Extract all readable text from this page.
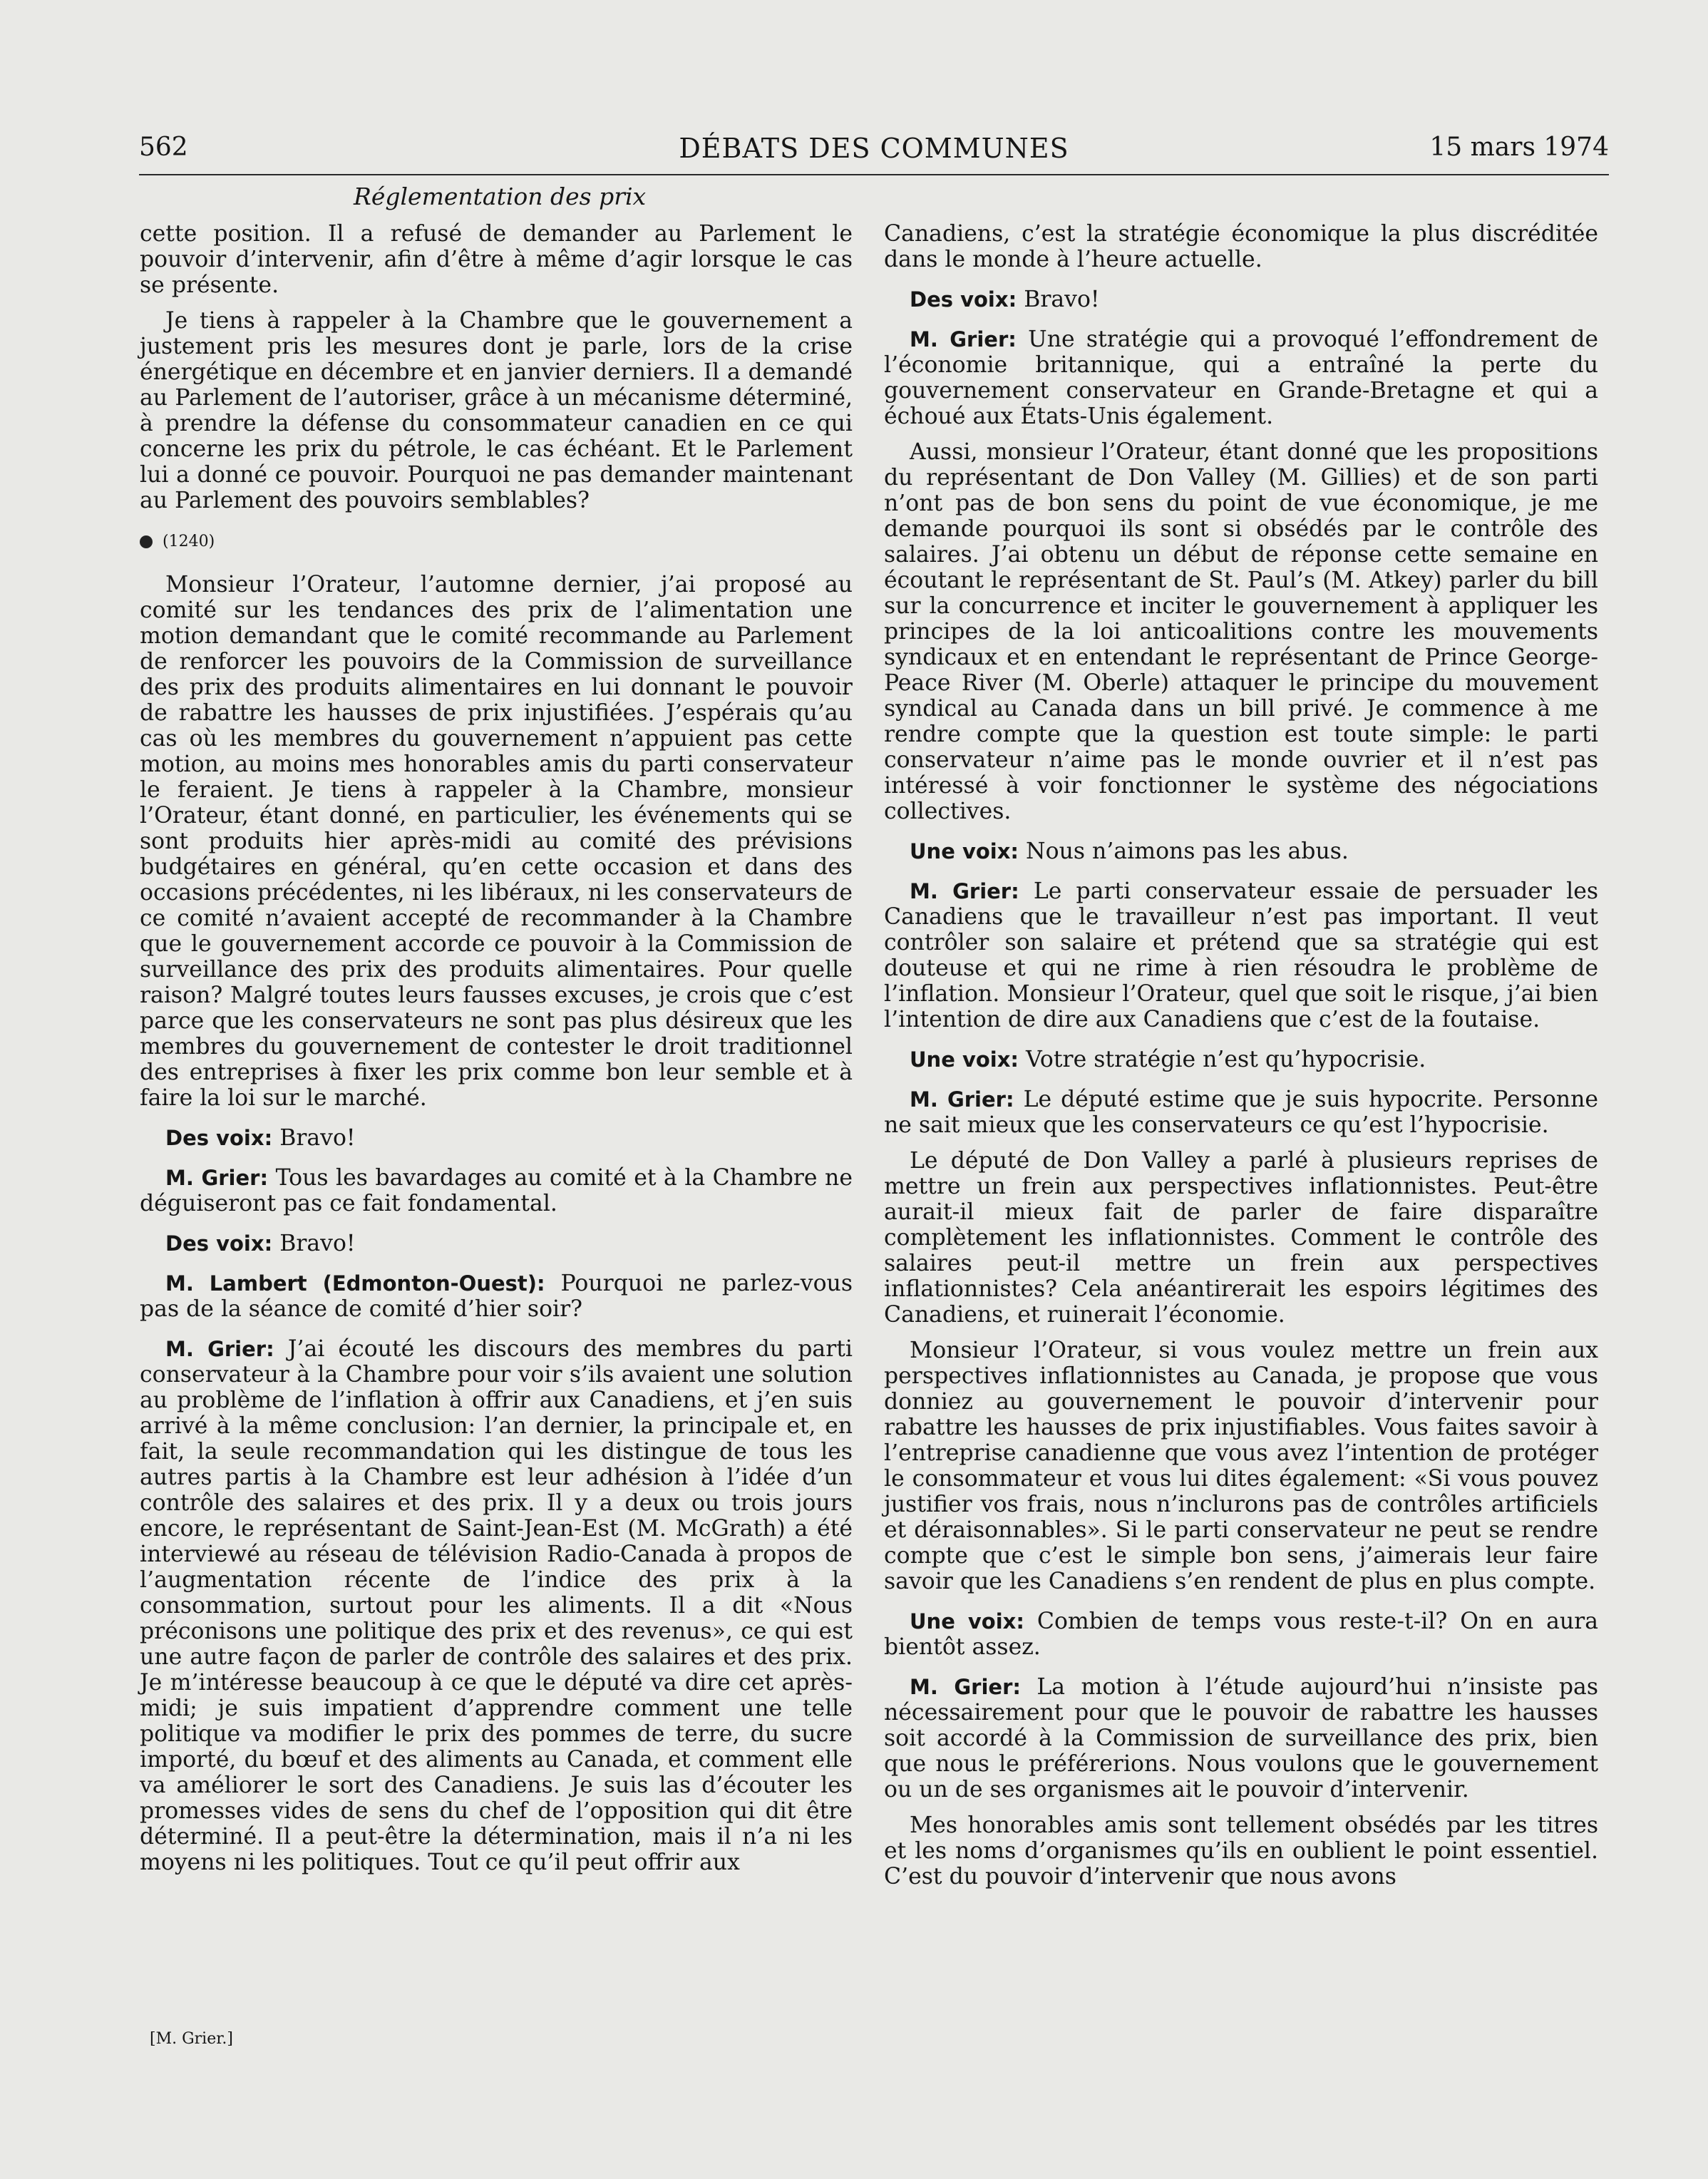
562	DÉBATS DES COMMUNES	15 mars 1974
Réglementation des prix

cette position. Il a refusé de demander au Parlement le pouvoir d’intervenir, afin d’être à même d’agir lorsque le cas se présente.

Je tiens à rappeler à la Chambre que le gouvernement a justement pris les mesures dont je parle, lors de la crise énergétique en décembre et en janvier derniers. Il a demandé au Parlement de l’autoriser, grâce à un mécanisme déterminé, à prendre la défense du consommateur canadien en ce qui concerne les prix du pétrole, le cas échéant. Et le Parlement lui a donné ce pouvoir. Pourquoi ne pas demander maintenant au Parlement des pouvoirs semblables?

(1240)

Monsieur l’Orateur, l’automne dernier, j’ai proposé au comité sur les tendances des prix de l’alimentation une motion demandant que le comité recommande au Parlement de renforcer les pouvoirs de la Commission de surveillance des prix des produits alimentaires en lui donnant le pouvoir de rabattre les hausses de prix injustifiées. J’espérais qu’au cas où les membres du gouvernement n’appuient pas cette motion, au moins mes honorables amis du parti conservateur le feraient. Je tiens à rappeler à la Chambre, monsieur l’Orateur, étant donné, en particulier, les événements qui se sont produits hier après-midi au comité des prévisions budgétaires en général, qu’en cette occasion et dans des occasions précédentes, ni les libéraux, ni les conservateurs de ce comité n’avaient accepté de recommander à la Chambre que le gouvernement accorde ce pouvoir à la Commission de surveillance des prix des produits alimentaires. Pour quelle raison? Malgré toutes leurs fausses excuses, je crois que c’est parce que les conservateurs ne sont pas plus désireux que les membres du gouvernement de contester le droit traditionnel des entreprises à fixer les prix comme bon leur semble et à faire la loi sur le marché.

Des voix: Bravo!

M. Grier: Tous les bavardages au comité et à la Chambre ne déguiseront pas ce fait fondamental.

Des voix: Bravo!

M. Lambert (Edmonton-Ouest): Pourquoi ne parlez-vous pas de la séance de comité d’hier soir?

M. Grier: J’ai écouté les discours des membres du parti conservateur à la Chambre pour voir s’ils avaient une solution au problème de l’inflation à offrir aux Canadiens, et j’en suis arrivé à la même conclusion: l’an dernier, la principale et, en fait, la seule recommandation qui les distingue de tous les autres partis à la Chambre est leur adhésion à l’idée d’un contrôle des salaires et des prix. Il y a deux ou trois jours encore, le représentant de Saint-Jean-Est (M. McGrath) a été interviewé au réseau de télévision Radio-Canada à propos de l’augmentation récente de l’indice des prix à la consommation, surtout pour les aliments. Il a dit «Nous préconisons une politique des prix et des revenus», ce qui est une autre façon de parler de contrôle des salaires et des prix. Je m’intéresse beaucoup à ce que le député va dire cet après-midi; je suis impatient d’apprendre comment une telle politique va modifier le prix des pommes de terre, du sucre importé, du bœuf et des aliments au Canada, et comment elle va améliorer le sort des Canadiens. Je suis las d’écouter les promesses vides de sens du chef de l’opposition qui dit être déterminé. Il a peut-être la détermination, mais il n’a ni les moyens ni les politiques. Tout ce qu’il peut offrir aux

Canadiens, c’est la stratégie économique la plus discréditée dans le monde à l’heure actuelle.

Des voix: Bravo!

M. Grier: Une stratégie qui a provoqué l’effondrement de l’économie britannique, qui a entraîné la perte du gouvernement conservateur en Grande-Bretagne et qui a échoué aux États-Unis également.

Aussi, monsieur l’Orateur, étant donné que les propositions du représentant de Don Valley (M. Gillies) et de son parti n’ont pas de bon sens du point de vue économique, je me demande pourquoi ils sont si obsédés par le contrôle des salaires. J’ai obtenu un début de réponse cette semaine en écoutant le représentant de St. Paul’s (M. Atkey) parler du bill sur la concurrence et inciter le gouvernement à appliquer les principes de la loi anticoalitions contre les mouvements syndicaux et en entendant le représentant de Prince George-Peace River (M. Oberle) attaquer le principe du mouvement syndical au Canada dans un bill privé. Je commence à me rendre compte que la question est toute simple: le parti conservateur n’aime pas le monde ouvrier et il n’est pas intéressé à voir fonctionner le système des négociations collectives.

Une voix: Nous n’aimons pas les abus.

M. Grier: Le parti conservateur essaie de persuader les Canadiens que le travailleur n’est pas important. Il veut contrôler son salaire et prétend que sa stratégie qui est douteuse et qui ne rime à rien résoudra le problème de l’inflation. Monsieur l’Orateur, quel que soit le risque, j’ai bien l’intention de dire aux Canadiens que c’est de la foutaise.

Une voix: Votre stratégie n’est qu’hypocrisie.

M. Grier: Le député estime que je suis hypocrite. Personne ne sait mieux que les conservateurs ce qu’est l’hypocrisie.

Le député de Don Valley a parlé à plusieurs reprises de mettre un frein aux perspectives inflationnistes. Peut-être aurait-il mieux fait de parler de faire disparaître complètement les inflationnistes. Comment le contrôle des salaires peut-il mettre un frein aux perspectives inflationnistes? Cela anéantirerait les espoirs légitimes des Canadiens, et ruinerait l’économie.

Monsieur l’Orateur, si vous voulez mettre un frein aux perspectives inflationnistes au Canada, je propose que vous donniez au gouvernement le pouvoir d’intervenir pour rabattre les hausses de prix injustifiables. Vous faites savoir à l’entreprise canadienne que vous avez l’intention de protéger le consommateur et vous lui dites également: «Si vous pouvez justifier vos frais, nous n’inclurons pas de contrôles artificiels et déraisonnables». Si le parti conservateur ne peut se rendre compte que c’est le simple bon sens, j’aimerais leur faire savoir que les Canadiens s’en rendent de plus en plus compte.

Une voix: Combien de temps vous reste-t-il? On en aura bientôt assez.

M. Grier: La motion à l’étude aujourd’hui n’insiste pas nécessairement pour que le pouvoir de rabattre les hausses soit accordé à la Commission de surveillance des prix, bien que nous le préférerions. Nous voulons que le gouvernement ou un de ses organismes ait le pouvoir d’intervenir.

Mes honorables amis sont tellement obsédés par les titres et les noms d’organismes qu’ils en oublient le point essentiel. C’est du pouvoir d’intervenir que nous avons

[M. Grier.]
